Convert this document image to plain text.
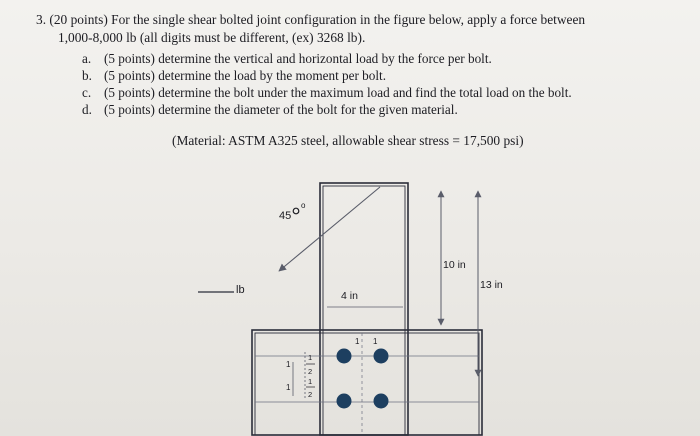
3. (20 points) For the single shear bolted joint configuration in the figure below, apply a force between
1,000-8,000 lb (all digits must be different, (ex) 3268 lb).
a. (5 points) determine the vertical and horizontal load by the force per bolt.
b. (5 points) determine the load by the moment per bolt.
c. (5 points) determine the bolt under the maximum load and find the total load on the bolt.
d. (5 points) determine the diameter of the bolt for the given material.
(Material: ASTM A325 steel, allowable shear stress = 17,500 psi)
45
o
lb
10 in
13 in
4 in
1 1
1
1
2
1
1
2
